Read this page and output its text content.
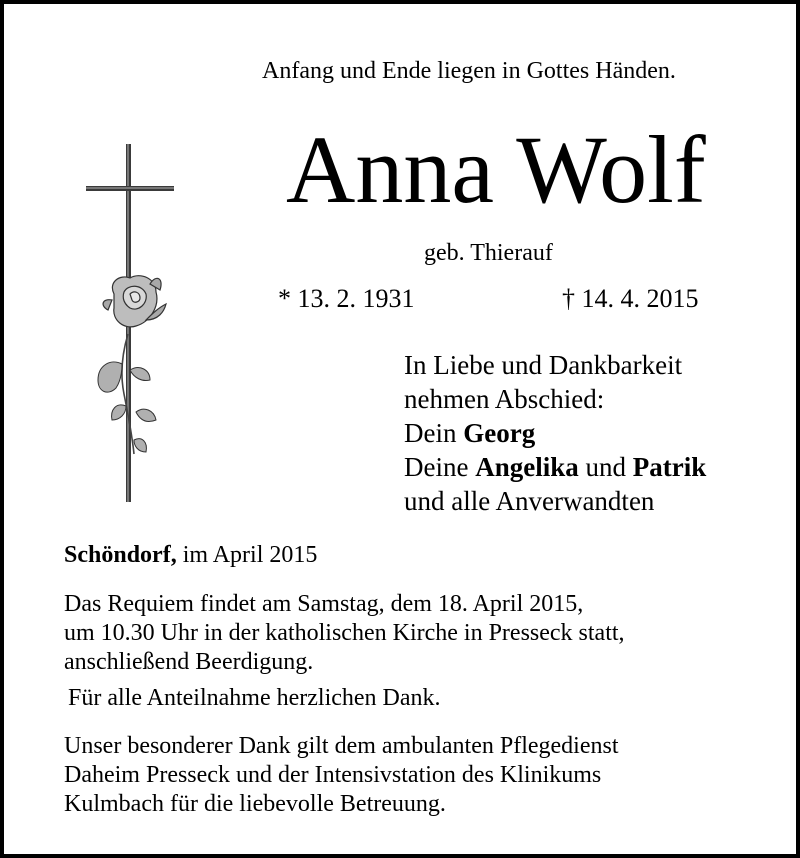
Anfang und Ende liegen in Gottes Händen.
Anna Wolf
geb. Thierauf
* 13. 2. 1931	† 14. 4. 2015
In Liebe und Dankbarkeit
nehmen Abschied:
Dein Georg
Deine Angelika und Patrik
und alle Anverwandten
Schöndorf, im April 2015
Das Requiem findet am Samstag, dem 18. April 2015,
um 10.30 Uhr in der katholischen Kirche in Presseck statt,
anschließend Beerdigung.
Für alle Anteilnahme herzlichen Dank.
Unser besonderer Dank gilt dem ambulanten Pflegedienst
Daheim Presseck und der Intensivstation des Klinikums
Kulmbach für die liebevolle Betreuung.
